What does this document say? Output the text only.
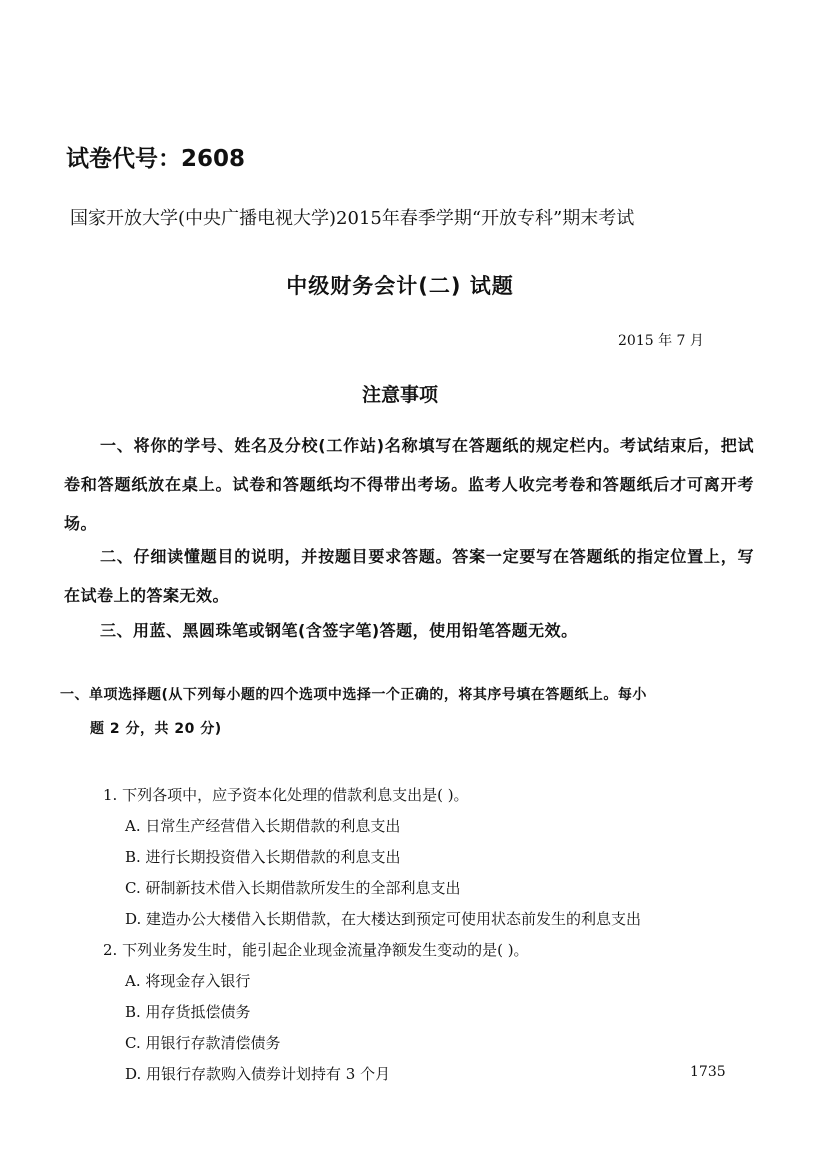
试卷代号：2608
国家开放大学(中央广播电视大学)2015年春季学期“开放专科”期末考试
中级财务会计(二) 试题
2015 年 7 月
注意事项
一、将你的学号、姓名及分校(工作站)名称填写在答题纸的规定栏内。考试结束后，把试卷和答题纸放在桌上。试卷和答题纸均不得带出考场。监考人收完考卷和答题纸后才可离开考场。
二、仔细读懂题目的说明，并按题目要求答题。答案一定要写在答题纸的指定位置上，写在试卷上的答案无效。
三、用蓝、黑圆珠笔或钢笔(含签字笔)答题，使用铅笔答题无效。
一、单项选择题(从下列每小题的四个选项中选择一个正确的，将其序号填在答题纸上。每小
题 2 分，共 20 分)
1. 下列各项中，应予资本化处理的借款利息支出是( )。
A. 日常生产经营借入长期借款的利息支出
B. 进行长期投资借入长期借款的利息支出
C. 研制新技术借入长期借款所发生的全部利息支出
D. 建造办公大楼借入长期借款，在大楼达到预定可使用状态前发生的利息支出
2. 下列业务发生时，能引起企业现金流量净额发生变动的是( )。
A. 将现金存入银行
B. 用存货抵偿债务
C. 用银行存款清偿债务
D. 用银行存款购入债券计划持有 3 个月	1735
